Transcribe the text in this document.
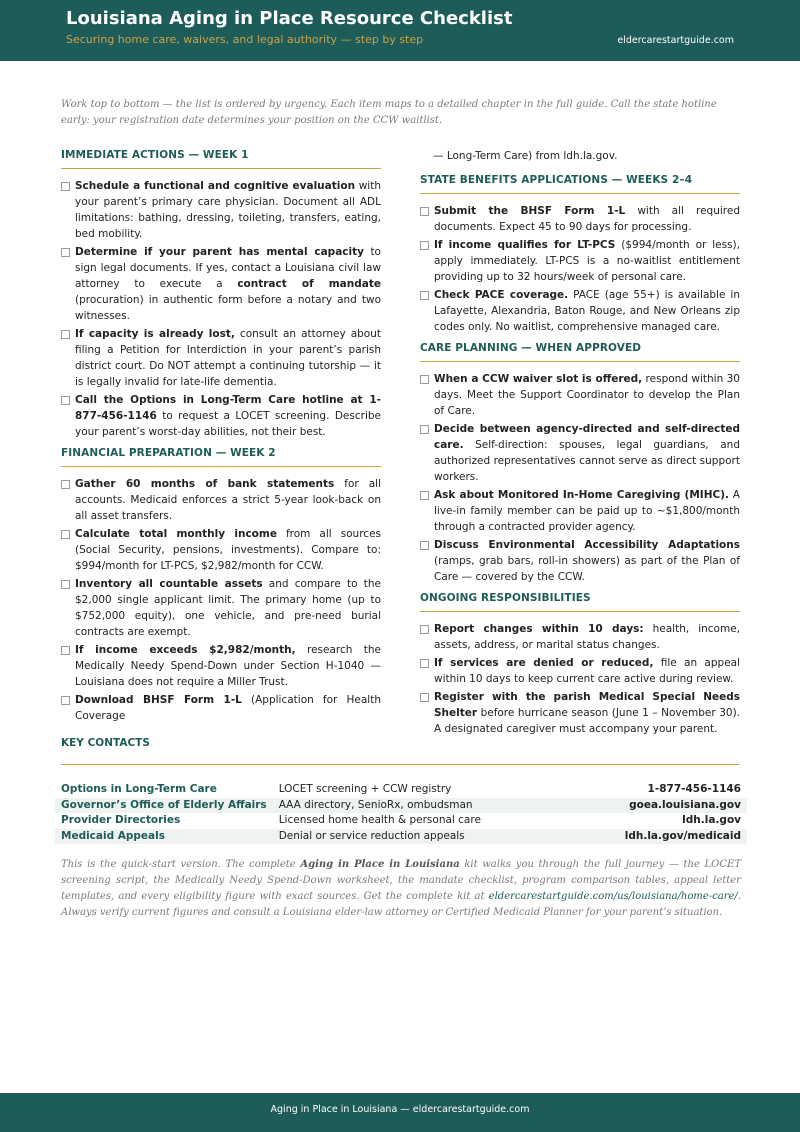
Louisiana Aging in Place Resource Checklist
Securing home care, waivers, and legal authority — step by step	eldercarestartguide.com

Work top to bottom — the list is ordered by urgency. Each item maps to a detailed chapter in the full guide. Call the state hotline early: your registration date determines your position on the CCW waitlist.

IMMEDIATE ACTIONS — WEEK 1
Schedule a functional and cognitive evaluation with your parent’s primary care physician. Document all ADL limitations: bathing, dressing, toileting, transfers, eating, bed mobility.
Determine if your parent has mental capacity to sign legal documents. If yes, contact a Louisiana civil law attorney to execute a contract of mandate (procuration) in authentic form before a notary and two witnesses.
If capacity is already lost, consult an attorney about filing a Petition for Interdiction in your parent’s parish district court. Do NOT attempt a continuing tutorship — it is legally invalid for late-life dementia.
Call the Options in Long-Term Care hotline at 1-877-456-1146 to request a LOCET screening. Describe your parent’s worst-day abilities, not their best.
FINANCIAL PREPARATION — WEEK 2
Gather 60 months of bank statements for all accounts. Medicaid enforces a strict 5-year look-back on all asset transfers.
Calculate total monthly income from all sources (Social Security, pensions, investments). Compare to: $994/month for LT-PCS, $2,982/month for CCW.
Inventory all countable assets and compare to the $2,000 single applicant limit. The primary home (up to $752,000 equity), one vehicle, and pre-need burial contracts are exempt.
If income exceeds $2,982/month, research the Medically Needy Spend-Down under Section H-1040 — Louisiana does not require a Miller Trust.
Download BHSF Form 1-L (Application for Health Coverage

— Long-Term Care) from ldh.la.gov.

STATE BENEFITS APPLICATIONS — WEEKS 2–4
Submit the BHSF Form 1-L with all required documents. Expect 45 to 90 days for processing.
If income qualifies for LT-PCS ($994/month or less), apply immediately. LT-PCS is a no-waitlist entitlement providing up to 32 hours/week of personal care.
Check PACE coverage. PACE (age 55+) is available in Lafayette, Alexandria, Baton Rouge, and New Orleans zip codes only. No waitlist, comprehensive managed care.
CARE PLANNING — WHEN APPROVED
When a CCW waiver slot is offered, respond within 30 days. Meet the Support Coordinator to develop the Plan of Care.
Decide between agency-directed and self-directed care. Self-direction: spouses, legal guardians, and authorized representatives cannot serve as direct support workers.
Ask about Monitored In-Home Caregiving (MIHC). A live-in family member can be paid up to ~$1,800/month through a contracted provider agency.
Discuss Environmental Accessibility Adaptations (ramps, grab bars, roll-in showers) as part of the Plan of Care — covered by the CCW.
ONGOING RESPONSIBILITIES
Report changes within 10 days: health, income, assets, address, or marital status changes.
If services are denied or reduced, file an appeal within 10 days to keep current care active during review.
Register with the parish Medical Special Needs Shelter before hurricane season (June 1 – November 30). A designated caregiver must accompany your parent.
KEY CONTACTS
Options in Long-Term Care	LOCET screening + CCW registry	1-877-456-1146
Governor’s Office of Elderly Affairs	AAA directory, SenioRx, ombudsman	goea.louisiana.gov
Provider Directories	Licensed home health & personal care	ldh.la.gov
Medicaid Appeals	Denial or service reduction appeals	ldh.la.gov/medicaid

This is the quick-start version. The complete Aging in Place in Louisiana kit walks you through the full journey — the LOCET screening script, the Medically Needy Spend-Down worksheet, the mandate checklist, program comparison tables, appeal letter templates, and every eligibility figure with exact sources. Get the complete kit at eldercarestartguide.com/us/louisiana/home-care/. Always verify current figures and consult a Louisiana elder-law attorney or Certified Medicaid Planner for your parent’s situation.

Aging in Place in Louisiana — eldercarestartguide.com
